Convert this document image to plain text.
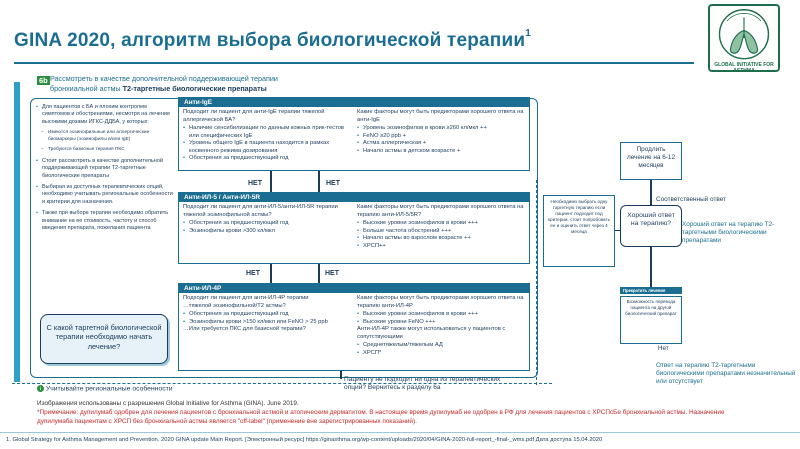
GINA 2020, алгоритм выбора биологической терапии$^1$
GLOBAL INITIATIVE FOR ASTHMA
6b Рассмотреть в качестве дополнительной поддерживающей терапии
бронхиальной астмы Т2-таргетные биологические препараты
• Для пациентов с БА и плохим контролем симптомов и обострениями, несмотря на лечение высокими дозами ИГКС-ДДБА, у которых:
– Имеются эозинофильные или аллергические биомаркеры (эозинофилы в/или IgE)
– Требуются базисные терапия ПКС
• Стоит рассмотреть в качестве дополнительной поддерживающей терапии Т2-таргетные биологические препараты
• Выбирая из доступных терапевтических опций, необходимо учитывать региональные особенности и критерии для назначения.
• Также при выборе терапии необходимо обратить внимание на ее стоимость, частоту и способ введения препарата, пожелания пациента
Анти-IgE
Подходит ли пациент для анти-IgE терапии тяжелой аллергической БА?
• Наличие сенсибилизации по данным кожных прик-тестов или специфических IgE
• Уровень общего IgE в пациента находится в рамках косвенного режима дозирования
• Обострения за предшествующий год
Какие факторы могут быть предикторами хорошего ответа на анти-IgE
• Уровень эозинофилов в крови ≥260 кл/мкл ++
• FeNO ≥20 ppb +
• Астма аллергическая +
• Начало астмы в детском возрасте +
НЕТ	НЕТ
Анти-ИЛ-5 / Анти-ИЛ-5R
Подходит ли пациент для анти-ИЛ-5/анти-ИЛ-5R терапии тяжелой эозинофильной астмы?
• Обострения за предшествующий год
• Эозинофилы крови >300 кл/мкл
Какие факторы могут быть предикторами хорошего ответа на терапию анти-ИЛ-5/5R?
• Высокие уровни эозинофилов в крови +++
• Больше частота обострений +++
• Начало астмы во взрослом возрасте ++
• ХРСП++
НЕТ	НЕТ
Анти-ИЛ-4Р
Подходит ли пациент для анти-ИЛ-4Р терапии
…тяжелой эозинофильной/Т2 астмы?
• Обострения за предшествующий год
• Эозинофилы крови >150 кл/мкл или FeNO > 25 ppb
…Или требуется ПКС для базисной терапии?
Какие факторы могут быть предикторами хорошего ответа на терапию анти-ИЛ-4Р
• Высокие уровни эозинофилов в крови +++
• Высокие уровни FeNO +++
Анти-ИЛ-4Р также могут использоваться у пациентов с сопутствующими
• Среднетяжелым/тяжелым АД
• ХРСП*
С какой таргетной биологической терапии необходимо начать лечение?
Пациенту не подходит ни одна из терапевтических опций? Вернитесь к разделу 6a
Необходимо выбрать одну таргетную терапию если пациент подходит под критерии, стоит попробовать ее и оценить ответ через 4 месяца
Продлить лечение на 6-12 месяцев
Соответственный ответ
Хороший ответ на терапию?	Хороший ответ на терапию Т2-таргетными биологическими препаратами
Прекратить лечение
Возможность перевода пациента на другой биологический препарат
Нет
Ответ на терапию Т2-таргетными биологическими препаратами незначительный или отсутствует
i Учитывайте региональные особенности
Изображения использованы с разрешения Global Initiative for Asthma (GINA). June 2019.
*Примечание: дупилумаб одобрен для лечения пациентов с бронхиальной астмой и атопическим дерматитом. В настоящее время дупилумаб не одобрен в РФ для лечения пациентов с ХРСПсБе бронхиальной астмы. Назначение дупилумаба пациентам с ХРСП без бронхиальной астмы является "off-label" (применение вне зарегистрированных показаний).
1. Global Strategy for Asthma Management and Prevention. 2020 GINA update Main Report. [Электронный ресурс] https://ginasthma.org/wp-content/uploads/2020/04/GINA-2020-full-report_-final-_wms.pdf Дата доступа 15.04.2020
